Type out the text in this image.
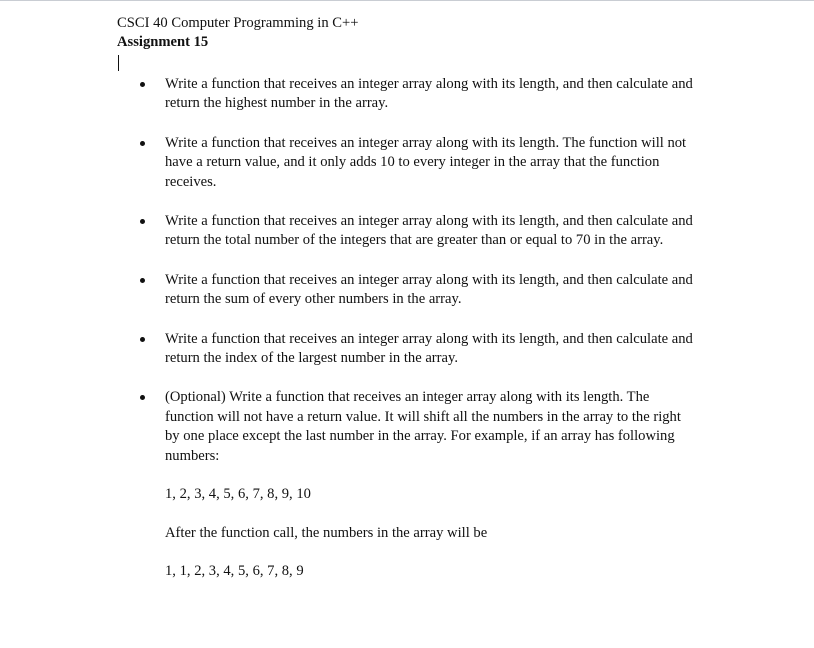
CSCI 40 Computer Programming in C++
Assignment 15
Write a function that receives an integer array along with its length, and then calculate and return the highest number in the array.
Write a function that receives an integer array along with its length. The function will not have a return value, and it only adds 10 to every integer in the array that the function receives.
Write a function that receives an integer array along with its length, and then calculate and return the total number of the integers that are greater than or equal to 70 in the array.
Write a function that receives an integer array along with its length, and then calculate and return the sum of every other numbers in the array.
Write a function that receives an integer array along with its length, and then calculate and return the index of the largest number in the array.
(Optional) Write a function that receives an integer array along with its length. The function will not have a return value. It will shift all the numbers in the array to the right by one place except the last number in the array. For example, if an array has following numbers:
1, 2, 3, 4, 5, 6, 7, 8, 9, 10
After the function call, the numbers in the array will be
1, 1, 2, 3, 4, 5, 6, 7, 8, 9
